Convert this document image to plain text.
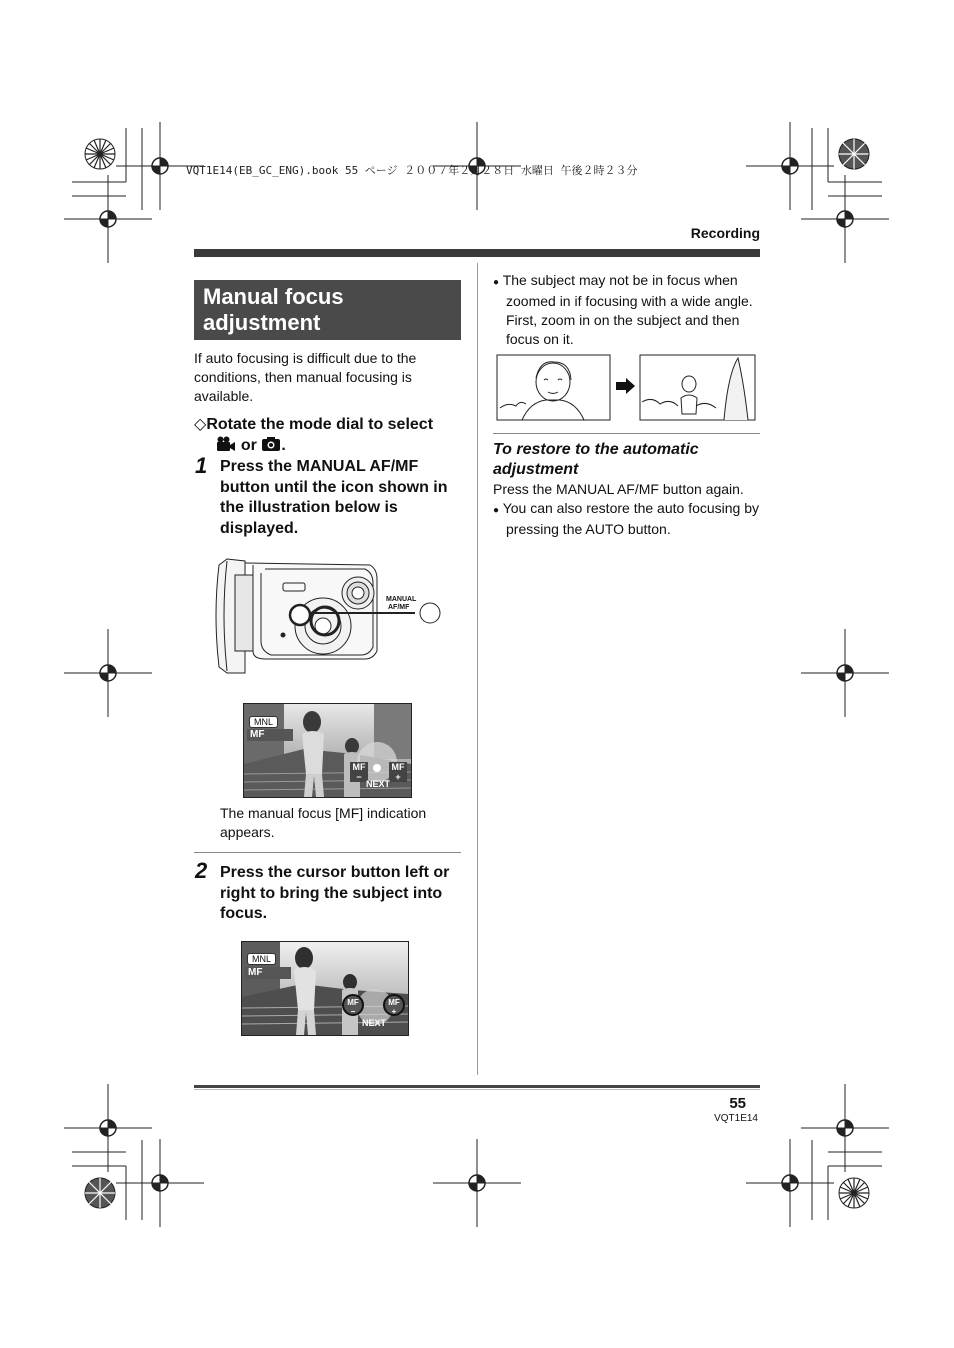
VQT1E14(EB_GC_ENG).book 55 ページ ２００７年２月２８日 水曜日 午後２時２３分
Recording
Manual focus adjustment
If auto focusing is difficult due to the conditions, then manual focusing is available.
◇Rotate the mode dial to select
or .
1 Press the MANUAL AF/MF button until the icon shown in the illustration below is displayed.
MANUAL
AF/MF
MNL
MF
MF
−
MF
+
NEXT
The manual focus [MF] indication appears.
2 Press the cursor button left or right to bring the subject into focus.
MNL
MF
MF
−
MF
+
NEXT
● The subject may not be in focus when zoomed in if focusing with a wide angle. First, zoom in on the subject and then focus on it.
To restore to the automatic adjustment
Press the MANUAL AF/MF button again.
● You can also restore the auto focusing by pressing the AUTO button.
55
VQT1E14
